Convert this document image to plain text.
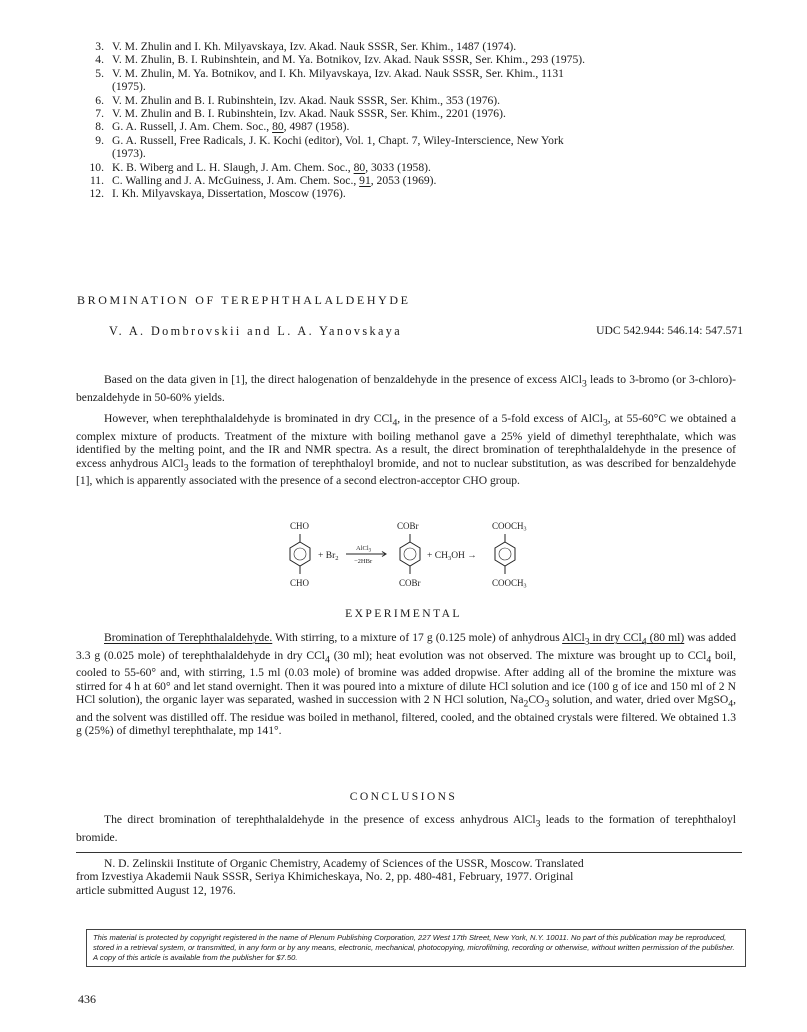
3. V. M. Zhulin and I. Kh. Milyavskaya, Izv. Akad. Nauk SSSR, Ser. Khim., 1487 (1974).
4. V. M. Zhulin, B. I. Rubinshtein, and M. Ya. Botnikov, Izv. Akad. Nauk SSSR, Ser. Khim., 293 (1975).
5. V. M. Zhulin, M. Ya. Botnikov, and I. Kh. Milyavskaya, Izv. Akad. Nauk SSSR, Ser. Khim., 1131
(1975).
6. V. M. Zhulin and B. I. Rubinshtein, Izv. Akad. Nauk SSSR, Ser. Khim., 353 (1976).
7. V. M. Zhulin and B. I. Rubinshtein, Izv. Akad. Nauk SSSR, Ser. Khim., 2201 (1976).
8. G. A. Russell, J. Am. Chem. Soc., 80, 4987 (1958).
9. G. A. Russell, Free Radicals, J. K. Kochi (editor), Vol. 1, Chapt. 7, Wiley-Interscience, New York
(1973).
10. K. B. Wiberg and L. H. Slaugh, J. Am. Chem. Soc., 80, 3033 (1958).
11. C. Walling and J. A. McGuiness, J. Am. Chem. Soc., 91, 2053 (1969).
12. I. Kh. Milyavskaya, Dissertation, Moscow (1976).
BROMINATION OF TEREPHTHALALDEHYDE
V. A. Dombrovskii and L. A. Yanovskaya	UDC 542.944: 546.14: 547.571

Based on the data given in [1], the direct halogenation of benzaldehyde in the presence of excess AlCl$_3$ leads to 3-bromo (or 3-chloro)-benzaldehyde in 50-60% yields.

However, when terephthalaldehyde is brominated in dry CCl$_4$, in the presence of a 5-fold excess of AlCl$_3$, at 55-60°C we obtained a complex mixture of products. Treatment of the mixture with boiling methanol gave a 25% yield of dimethyl terephthalate, which was identified by the melting point, and the IR and NMR spectra. As a result, the direct bromination of terephthalaldehyde in the presence of excess anhydrous AlCl$_3$ leads to the formation of terephthaloyl bromide, and not to nuclear substitution, as was described for benzaldehyde [1], which is apparently associated with the presence of a second electron-acceptor CHO group.

CHO
CHO
+ $Br_2$
AlCl$_3$
−2HBr
COBr
COBr
+ $CH_3OH$ →
COOCH3
COOCH3
EXPERIMENTAL

Bromination of Terephthalaldehyde. With stirring, to a mixture of 17 g (0.125 mole) of anhydrous AlCl$_3$ in dry CCl$_4$ (80 ml) was added 3.3 g (0.025 mole) of terephthalaldehyde in dry CCl$_4$ (30 ml); heat evolution was not observed. The mixture was brought up to CCl$_4$ boil, cooled to 55-60° and, with stirring, 1.5 ml (0.03 mole) of bromine was added dropwise. After adding all of the bromine the mixture was stirred for 4 h at 60° and let stand overnight. Then it was poured into a mixture of dilute HCl solution and ice (100 g of ice and 150 ml of 2 N HCl solution), the organic layer was separated, washed in succession with 2 N HCl solution, $Na_2CO_3$ solution, and water, dried over MgSO$_4$, and the solvent was distilled off. The residue was boiled in methanol, filtered, cooled, and the obtained crystals were filtered. We obtained 1.3 g (25%) of dimethyl terephthalate, mp 141°.

CONCLUSIONS

The direct bromination of terephthalaldehyde in the presence of excess anhydrous AlCl$_3$ leads to the formation of terephthaloyl bromide.

N. D. Zelinskii Institute of Organic Chemistry, Academy of Sciences of the USSR, Moscow. Translated
from Izvestiya Akademii Nauk SSSR, Seriya Khimicheskaya, No. 2, pp. 480-481, February, 1977. Original
article submitted August 12, 1976.
This material is protected by copyright registered in the name of Plenum Publishing Corporation, 227 West 17th Street, New York, N.Y. 10011. No part of this publication may be reproduced, stored in a retrieval system, or transmitted, in any form or by any means, electronic, mechanical, photocopying, microfilming, recording or otherwise, without written permission of the publisher. A copy of this article is available from the publisher for $7.50.
436
